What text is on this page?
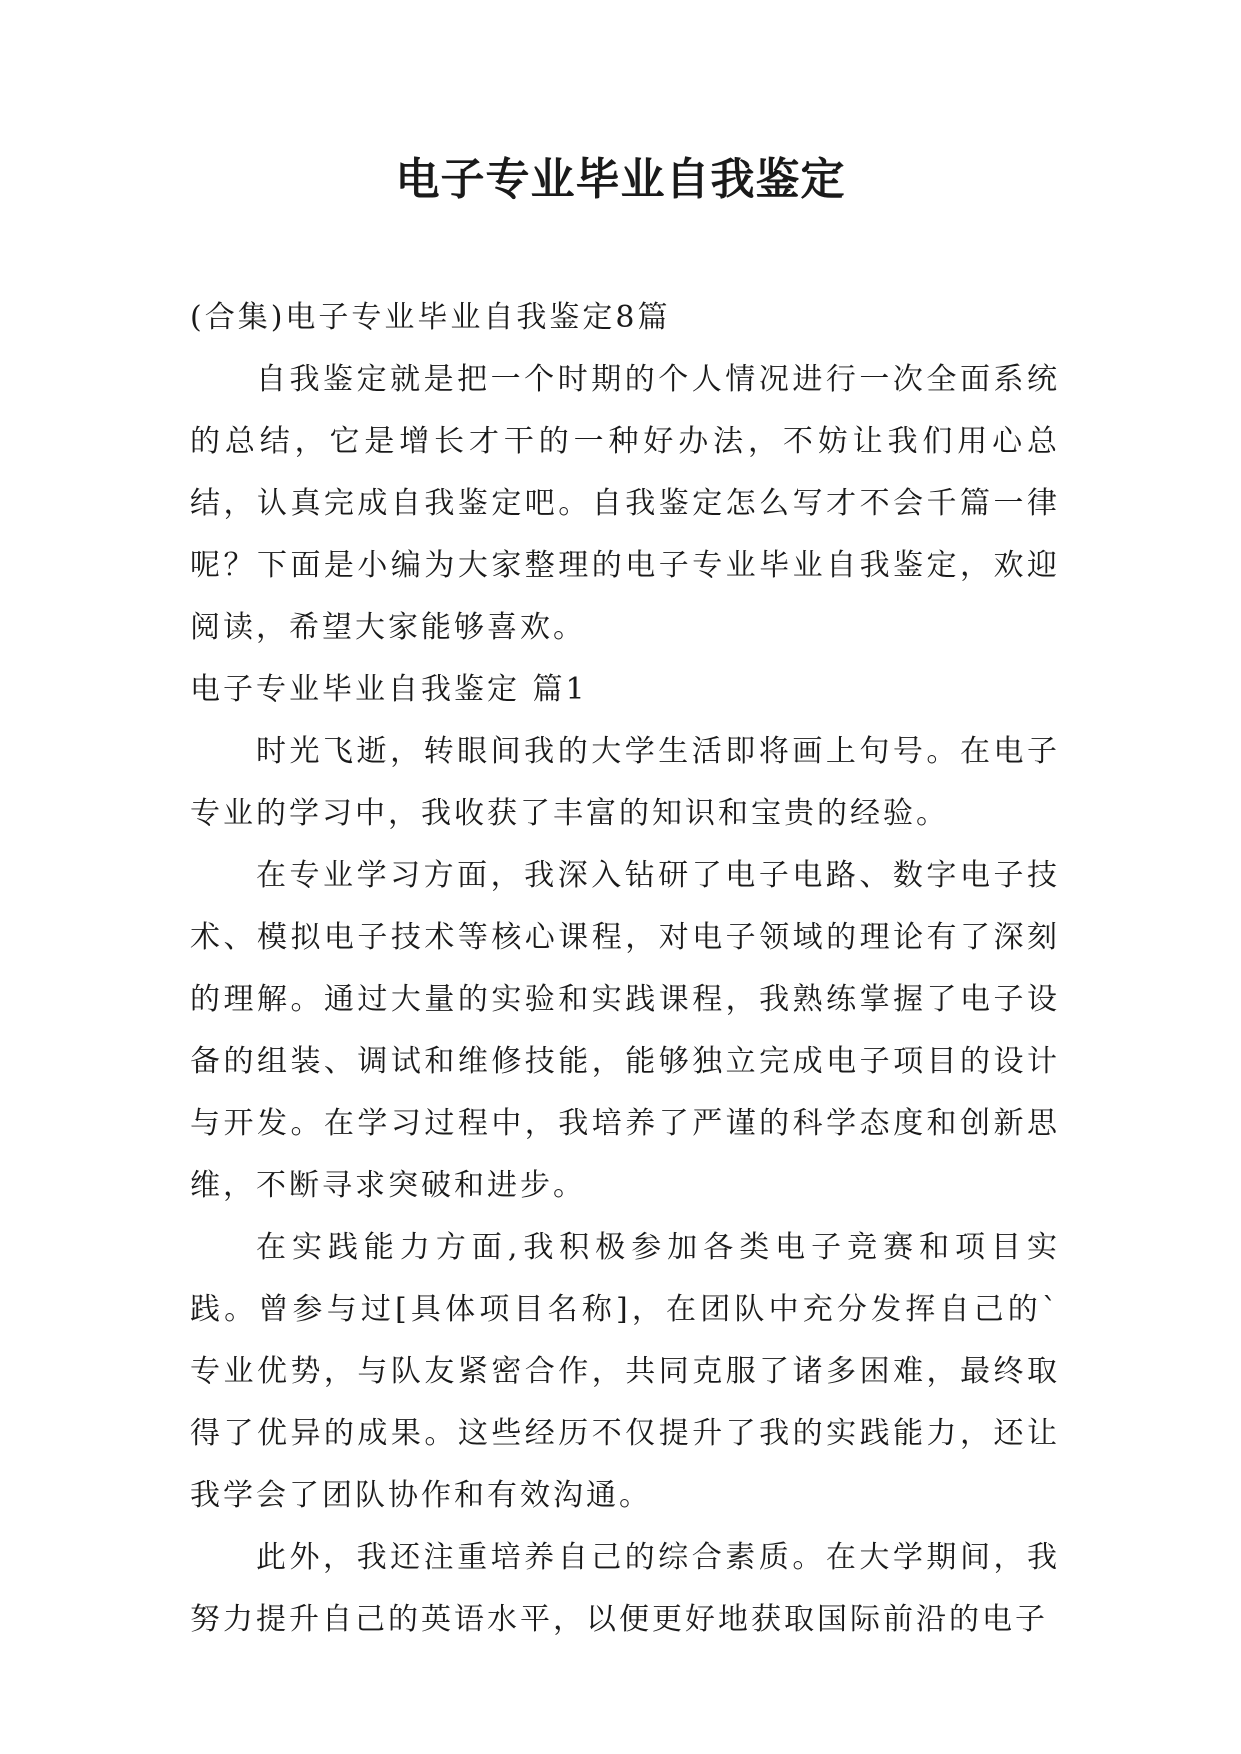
电子专业毕业自我鉴定

(合集)电子专业毕业自我鉴定8篇

自我鉴定就是把一个时期的个人情况进行一次全面系统的总结，它是增长才干的一种好办法，不妨让我们用心总结，认真完成自我鉴定吧。自我鉴定怎么写才不会千篇一律呢？下面是小编为大家整理的电子专业毕业自我鉴定，欢迎阅读，希望大家能够喜欢。

电子专业毕业自我鉴定 篇1

时光飞逝，转眼间我的大学生活即将画上句号。在电子专业的学习中，我收获了丰富的知识和宝贵的经验。

在专业学习方面，我深入钻研了电子电路、数字电子技术、模拟电子技术等核心课程，对电子领域的理论有了深刻的理解。通过大量的实验和实践课程，我熟练掌握了电子设备的组装、调试和维修技能，能够独立完成电子项目的设计与开发。在学习过程中，我培养了严谨的科学态度和创新思维，不断寻求突破和进步。

在实践能力方面,我积极参加各类电子竞赛和项目实践。曾参与过[具体项目名称]，在团队中充分发挥自己的`专业优势，与队友紧密合作，共同克服了诸多困难，最终取得了优异的成果。这些经历不仅提升了我的实践能力，还让我学会了团队协作和有效沟通。

此外，我还注重培养自己的综合素质。在大学期间，我努力提升自己的英语水平，以便更好地获取国际前沿的电子
